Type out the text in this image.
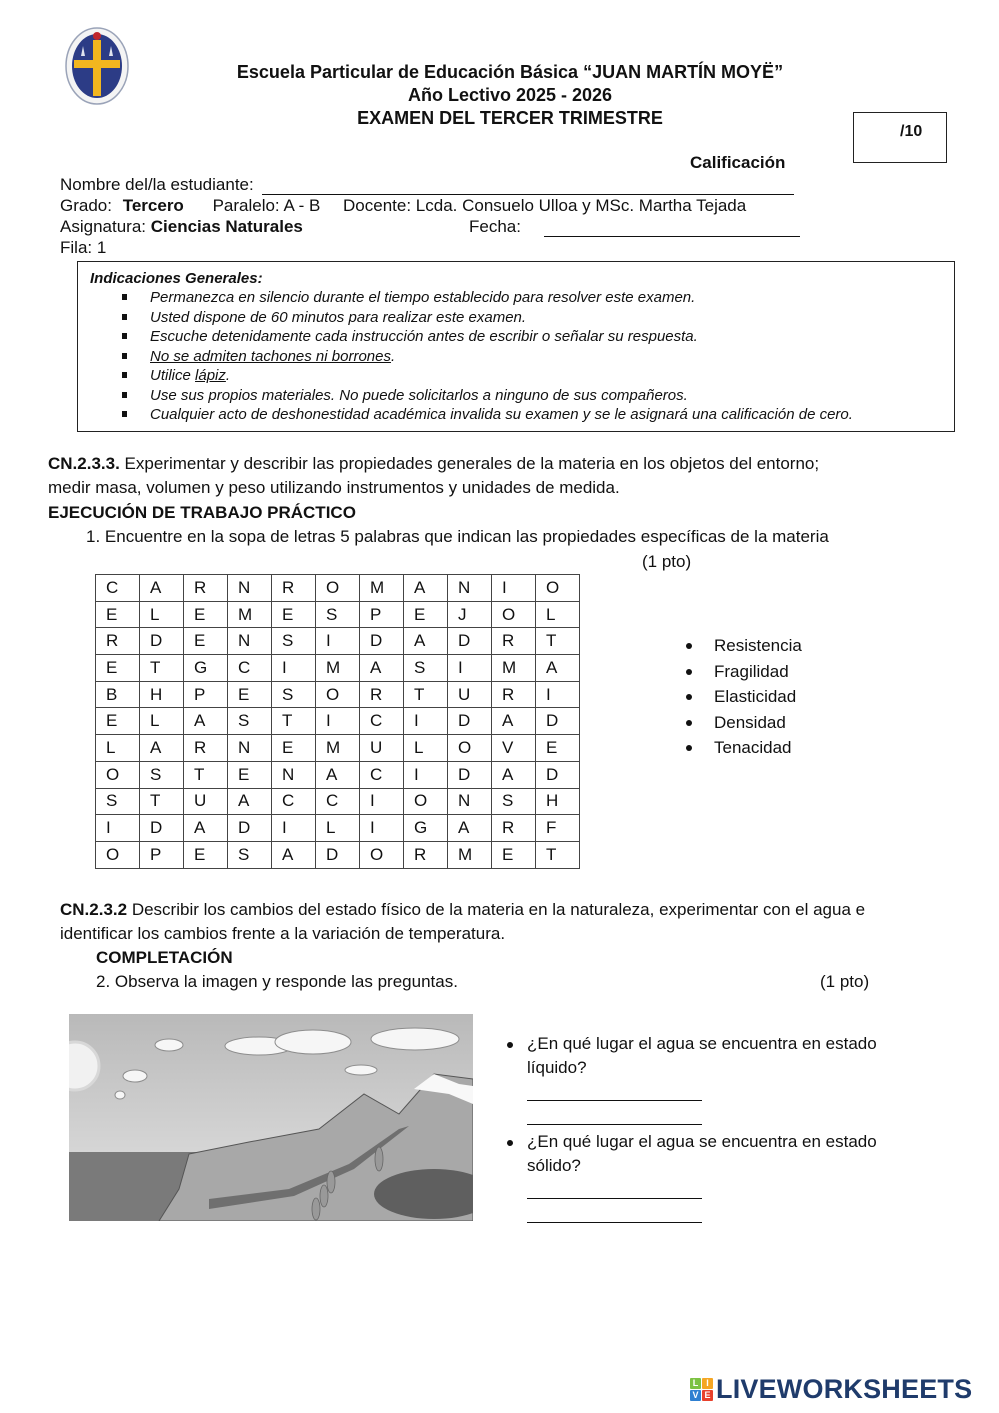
Escuela Particular de Educación Básica “JUAN MARTÍN MOYË”
Año Lectivo 2025 - 2026
EXAMEN DEL TERCER TRIMESTRE
/10
Calificación
Nombre del/la estudiante:
Grado: Tercero Paralelo: A - B Docente: Lcda. Consuelo Ulloa y MSc. Martha Tejada
Asignatura: Ciencias Naturales	Fecha:
Fila: 1
Indicaciones Generales:
Permanezca en silencio durante el tiempo establecido para resolver este examen.
Usted dispone de 60 minutos para realizar este examen.
Escuche detenidamente cada instrucción antes de escribir o señalar su respuesta.
No se admiten tachones ni borrones.
Utilice lápiz.
Use sus propios materiales. No puede solicitarlos a ninguno de sus compañeros.
Cualquier acto de deshonestidad académica invalida su examen y se le asignará una calificación de cero.
CN.2.3.3. Experimentar y describir las propiedades generales de la materia en los objetos del entorno;
medir masa, volumen y peso utilizando instrumentos y unidades de medida.
EJECUCIÓN DE TRABAJO PRÁCTICO
1. Encuentre en la sopa de letras 5 palabras que indican las propiedades específicas de la materia
(1 pto)
C	A	R	N	R	O	M	A	N	I	O
E	L	E	M	E	S	P	E	J	O	L
R	D	E	N	S	I	D	A	D	R	T
E	T	G	C	I	M	A	S	I	M	A
B	H	P	E	S	O	R	T	U	R	I
E	L	A	S	T	I	C	I	D	A	D
L	A	R	N	E	M	U	L	O	V	E
O	S	T	E	N	A	C	I	D	A	D
S	T	U	A	C	C	I	O	N	S	H
I	D	A	D	I	L	I	G	A	R	F
O	P	E	S	A	D	O	R	M	E	T
Resistencia
Fragilidad
Elasticidad
Densidad
Tenacidad
CN.2.3.2 Describir los cambios del estado físico de la materia en la naturaleza, experimentar con el agua e
identificar los cambios frente a la variación de temperatura.
COMPLETACIÓN
2. Observa la imagen y responde las preguntas.	(1 pto)
¿En qué lugar el agua se encuentra en estado
líquido?
¿En qué lugar el agua se encuentra en estado
sólido?
L I
V E LIVEWORKSHEETS
